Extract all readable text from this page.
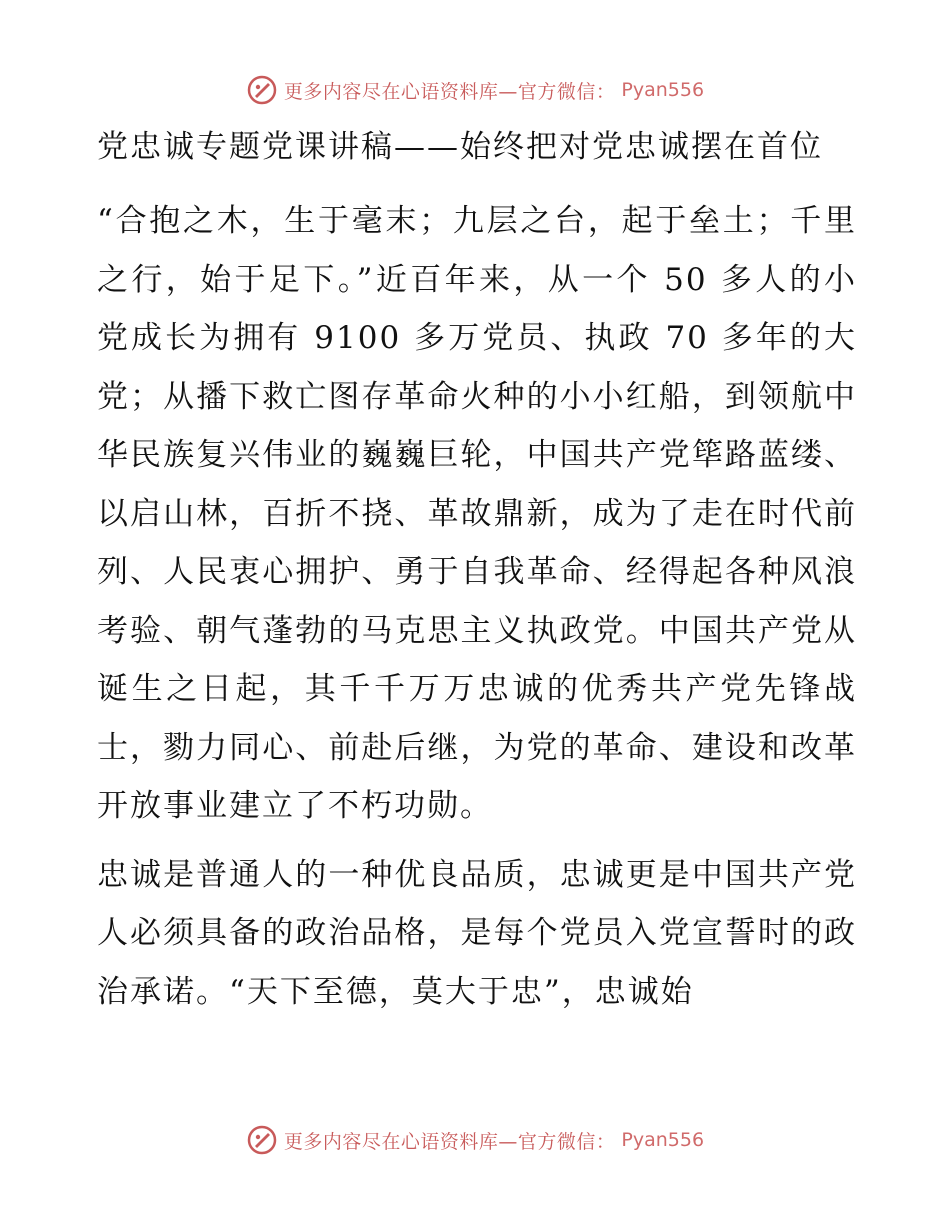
更多内容尽在心语资料库—官方微信： Pyan556
党忠诚专题党课讲稿——始终把对党忠诚摆在首位

“合抱之木，生于毫末；九层之台，起于垒土；千里之行，始于足下。”近百年来，从一个 50 多人的小党成长为拥有 9100 多万党员、执政 70 多年的大党；从播下救亡图存革命火种的小小红船，到领航中华民族复兴伟业的巍巍巨轮，中国共产党筚路蓝缕、以启山林，百折不挠、革故鼎新，成为了走在时代前列、人民衷心拥护、勇于自我革命、经得起各种风浪考验、朝气蓬勃的马克思主义执政党。中国共产党从诞生之日起，其千千万万忠诚的优秀共产党先锋战士，勠力同心、前赴后继，为党的革命、建设和改革开放事业建立了不朽功勋。

忠诚是普通人的一种优良品质，忠诚更是中国共产党人必须具备的政治品格，是每个党员入党宣誓时的政治承诺。“天下至德，莫大于忠”，忠诚始

更多内容尽在心语资料库—官方微信： Pyan556
